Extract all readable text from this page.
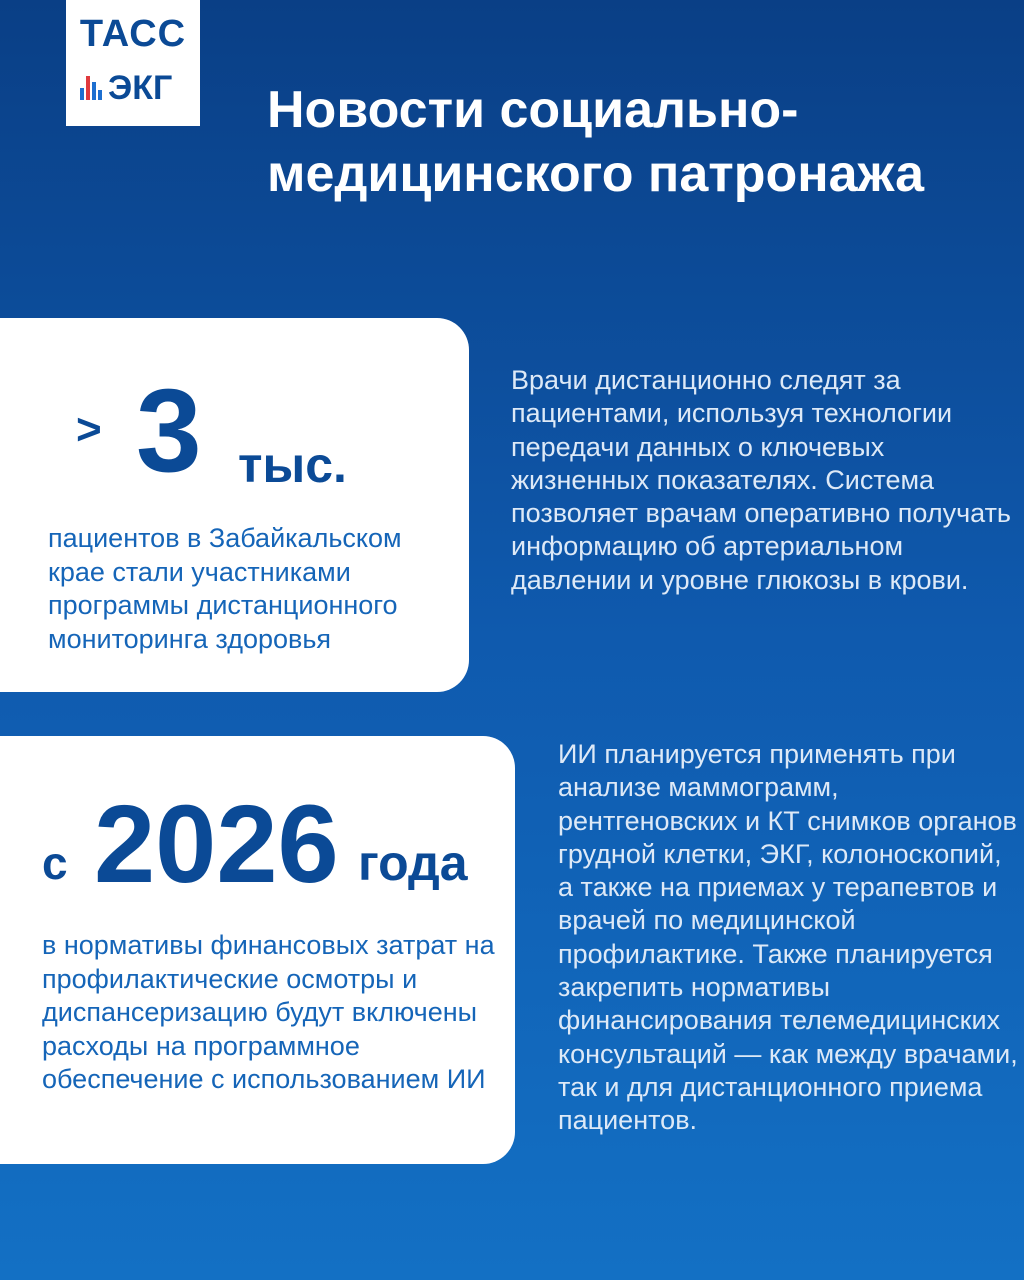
ТАСС
ЭКГ Новости социально-медицинского патронажа
> 3 тыс.

пациентов в Забайкальском крае стали участниками программы дистанционного мониторинга здоровья

Врачи дистанционно следят за пациентами, используя технологии передачи данных о ключевых жизненных показателях. Система позволяет врачам оперативно получать информацию об артериальном давлении и уровне глюкозы в крови.

с 2026 года

в нормативы финансовых затрат на профилактические осмотры и диспансеризацию будут включены расходы на программное обеспечение с использованием ИИ

ИИ планируется применять при анализе маммограмм, рентгеновских и КТ снимков органов грудной клетки, ЭКГ, колоноскопий, а также на приемах у терапевтов и врачей по медицинской профилактике. Также планируется закрепить нормативы финансирования телемедицинских консультаций — как между врачами, так и для дистанционного приема пациентов.
